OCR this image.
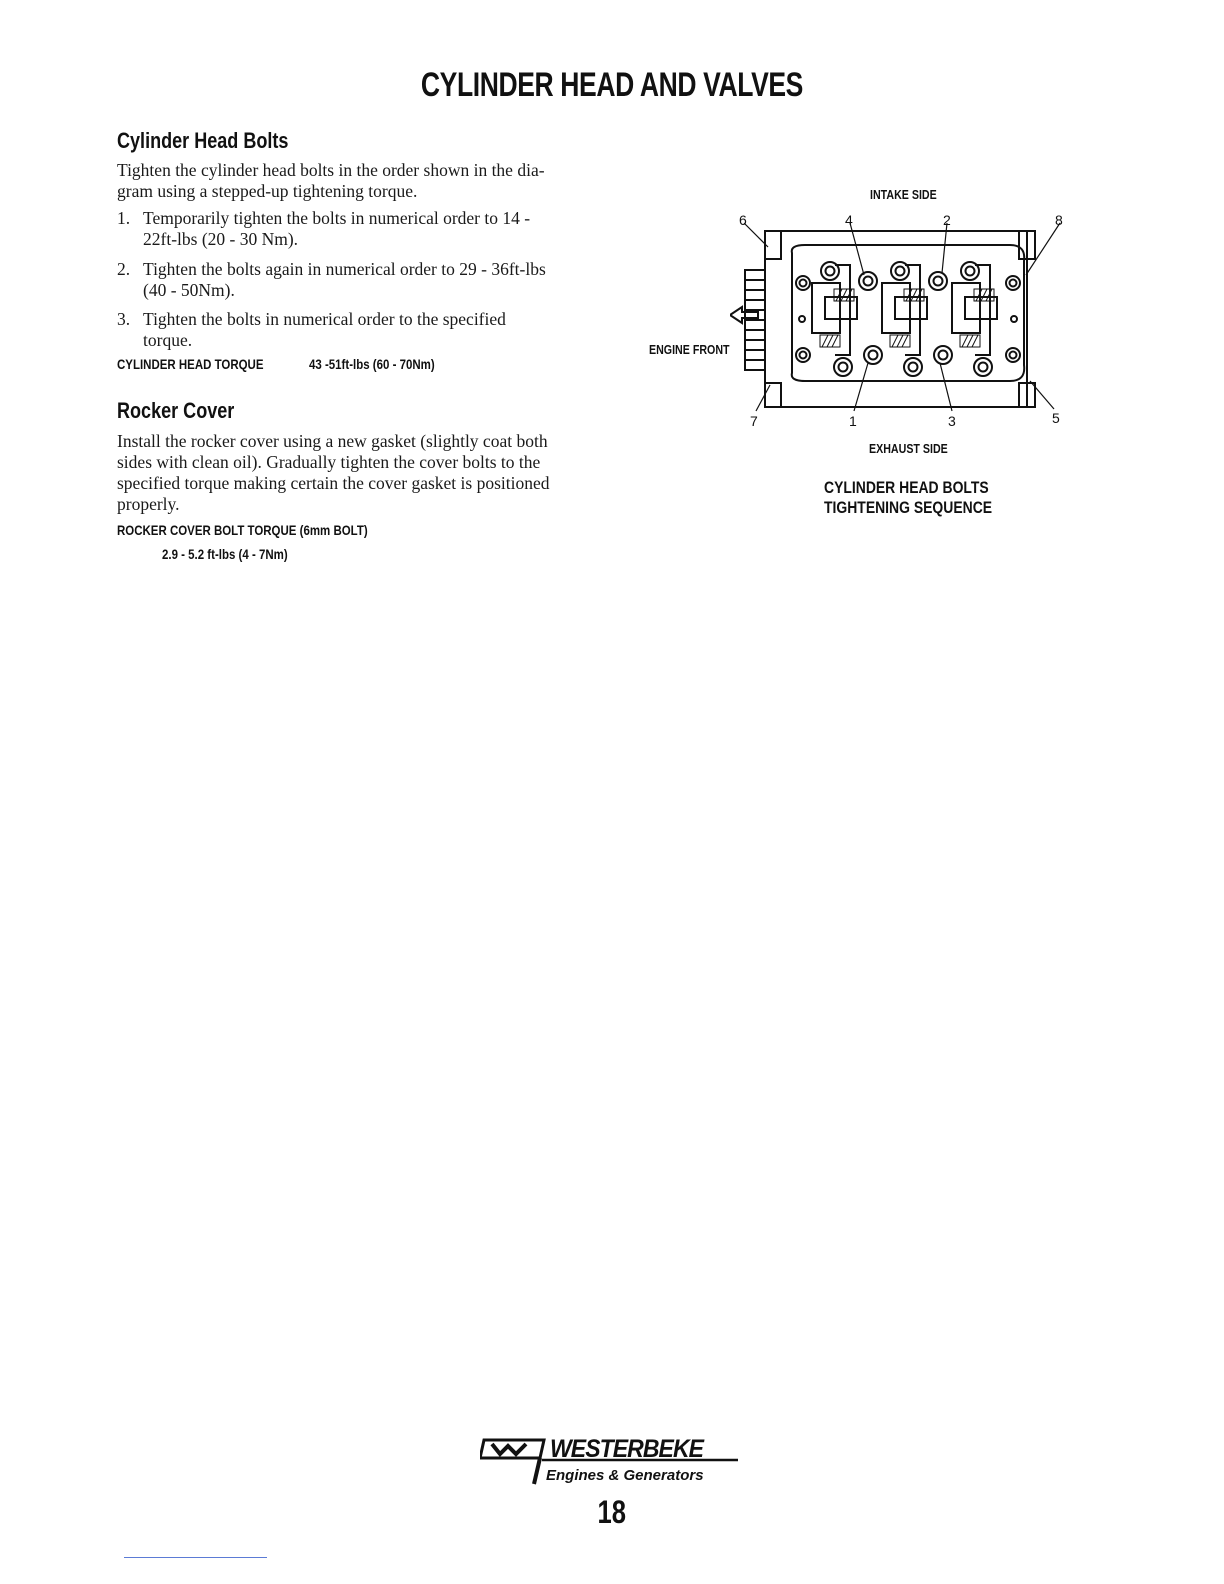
CYLINDER HEAD AND VALVES
Cylinder Head Bolts
Tighten the cylinder head bolts in the order shown in the dia-
gram using a stepped-up tightening torque.
1. Temporarily tighten the bolts in numerical order to 14 -
22ft-lbs (20 - 30 Nm).
2. Tighten the bolts again in numerical order to 29 - 36ft-lbs
(40 - 50Nm).
3. Tighten the bolts in numerical order to the specified
torque.
CYLINDER HEAD TORQUE	43 -51ft-lbs (60 - 70Nm)
Rocker Cover
Install the rocker cover using a new gasket (slightly coat both
sides with clean oil). Gradually tighten the cover bolts to the
specified torque making certain the cover gasket is positioned
properly.
ROCKER COVER BOLT TORQUE (6mm BOLT)
2.9 - 5.2 ft-lbs (4 - 7Nm)
INTAKE SIDE
EXHAUST SIDE
ENGINE FRONT
6	4	2	8
7	1	3	5
CYLINDER HEAD BOLTS
TIGHTENING SEQUENCE
WESTERBEKE
Engines & Generators
18
